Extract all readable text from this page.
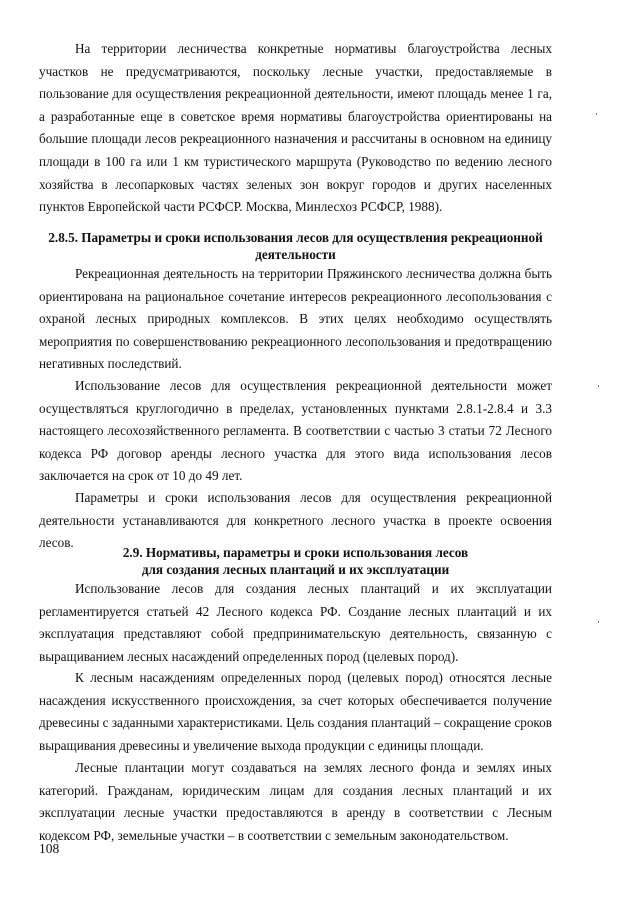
На территории лесничества конкретные нормативы благоустройства лесных участков не предусматриваются, поскольку лесные участки, предоставляемые в пользование для осуществления рекреационной деятельности, имеют площадь менее 1 га, а разработанные еще в советское время нормативы благоустройства ориентированы на большие площади лесов рекреационного назначения и рассчитаны в основном на единицу площади в 100 га или 1 км туристического маршрута (Руководство по ведению лесного хозяйства в лесопарковых частях зеленых зон вокруг городов и других населенных пунктов Европейской части РСФСР. Москва, Минлесхоз РСФСР, 1988).

2.8.5. Параметры и сроки использования лесов для осуществления рекреационной
деятельности

Рекреационная деятельность на территории Пряжинского лесничества должна быть ориентирована на рациональное сочетание интересов рекреационного лесопользования с охраной лесных природных комплексов. В этих целях необходимо осуществлять мероприятия по совершенствованию рекреационного лесопользования и предотвращению негативных последствий.

Использование лесов для осуществления рекреационной деятельности может осуществляться круглогодично в пределах, установленных пунктами 2.8.1-2.8.4 и 3.3 настоящего лесохозяйственного регламента. В соответствии с частью 3 статьи 72 Лесного кодекса РФ договор аренды лесного участка для этого вида использования лесов заключается на срок от 10 до 49 лет.

Параметры и сроки использования лесов для осуществления рекреационной деятельности устанавливаются для конкретного лесного участка в проекте освоения лесов.

2.9. Нормативы, параметры и сроки использования лесов
для создания лесных плантаций и их эксплуатации

Использование лесов для создания лесных плантаций и их эксплуатации регламентируется статьей 42 Лесного кодекса РФ. Создание лесных плантаций и их эксплуатация представляют собой предпринимательскую деятельность, связанную с выращиванием лесных насаждений определенных пород (целевых пород).

К лесным насаждениям определенных пород (целевых пород) относятся лесные насаждения искусственного происхождения, за счет которых обеспечивается получение древесины с заданными характеристиками. Цель создания плантаций – сокращение сроков выращивания древесины и увеличение выхода продукции с единицы площади.

Лесные плантации могут создаваться на землях лесного фонда и землях иных категорий. Гражданам, юридическим лицам для создания лесных плантаций и их эксплуатации лесные участки предоставляются в аренду в соответствии с Лесным кодексом РФ, земельные участки – в соответствии с земельным законодательством.

108
